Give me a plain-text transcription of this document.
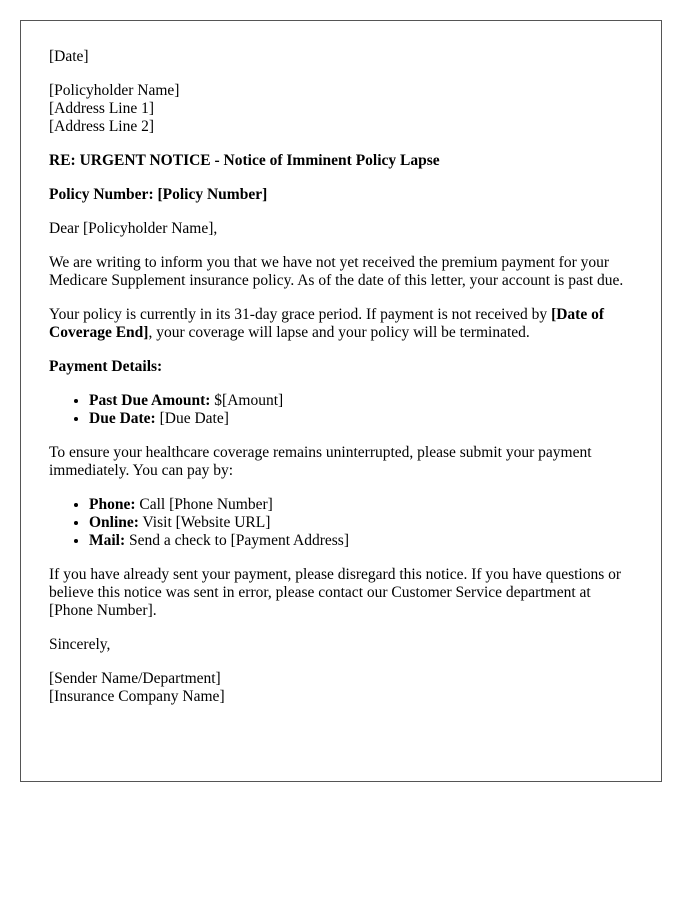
[Date]

[Policyholder Name]

[Address Line 1]

[Address Line 2]

RE: URGENT NOTICE - Notice of Imminent Policy Lapse

Policy Number: [Policy Number]

Dear [Policyholder Name],

We are writing to inform you that we have not yet received the premium payment for your Medicare Supplement insurance policy. As of the date of this letter, your account is past due.

Your policy is currently in its 31-day grace period. If payment is not received by [Date of Coverage End], your coverage will lapse and your policy will be terminated.

Payment Details:

• Past Due Amount: $[Amount]
• Due Date: [Due Date]

To ensure your healthcare coverage remains uninterrupted, please submit your payment immediately. You can pay by:

• Phone: Call [Phone Number]
• Online: Visit [Website URL]
• Mail: Send a check to [Payment Address]

If you have already sent your payment, please disregard this notice. If you have questions or believe this notice was sent in error, please contact our Customer Service department at [Phone Number].

Sincerely,

[Sender Name/Department]

[Insurance Company Name]
